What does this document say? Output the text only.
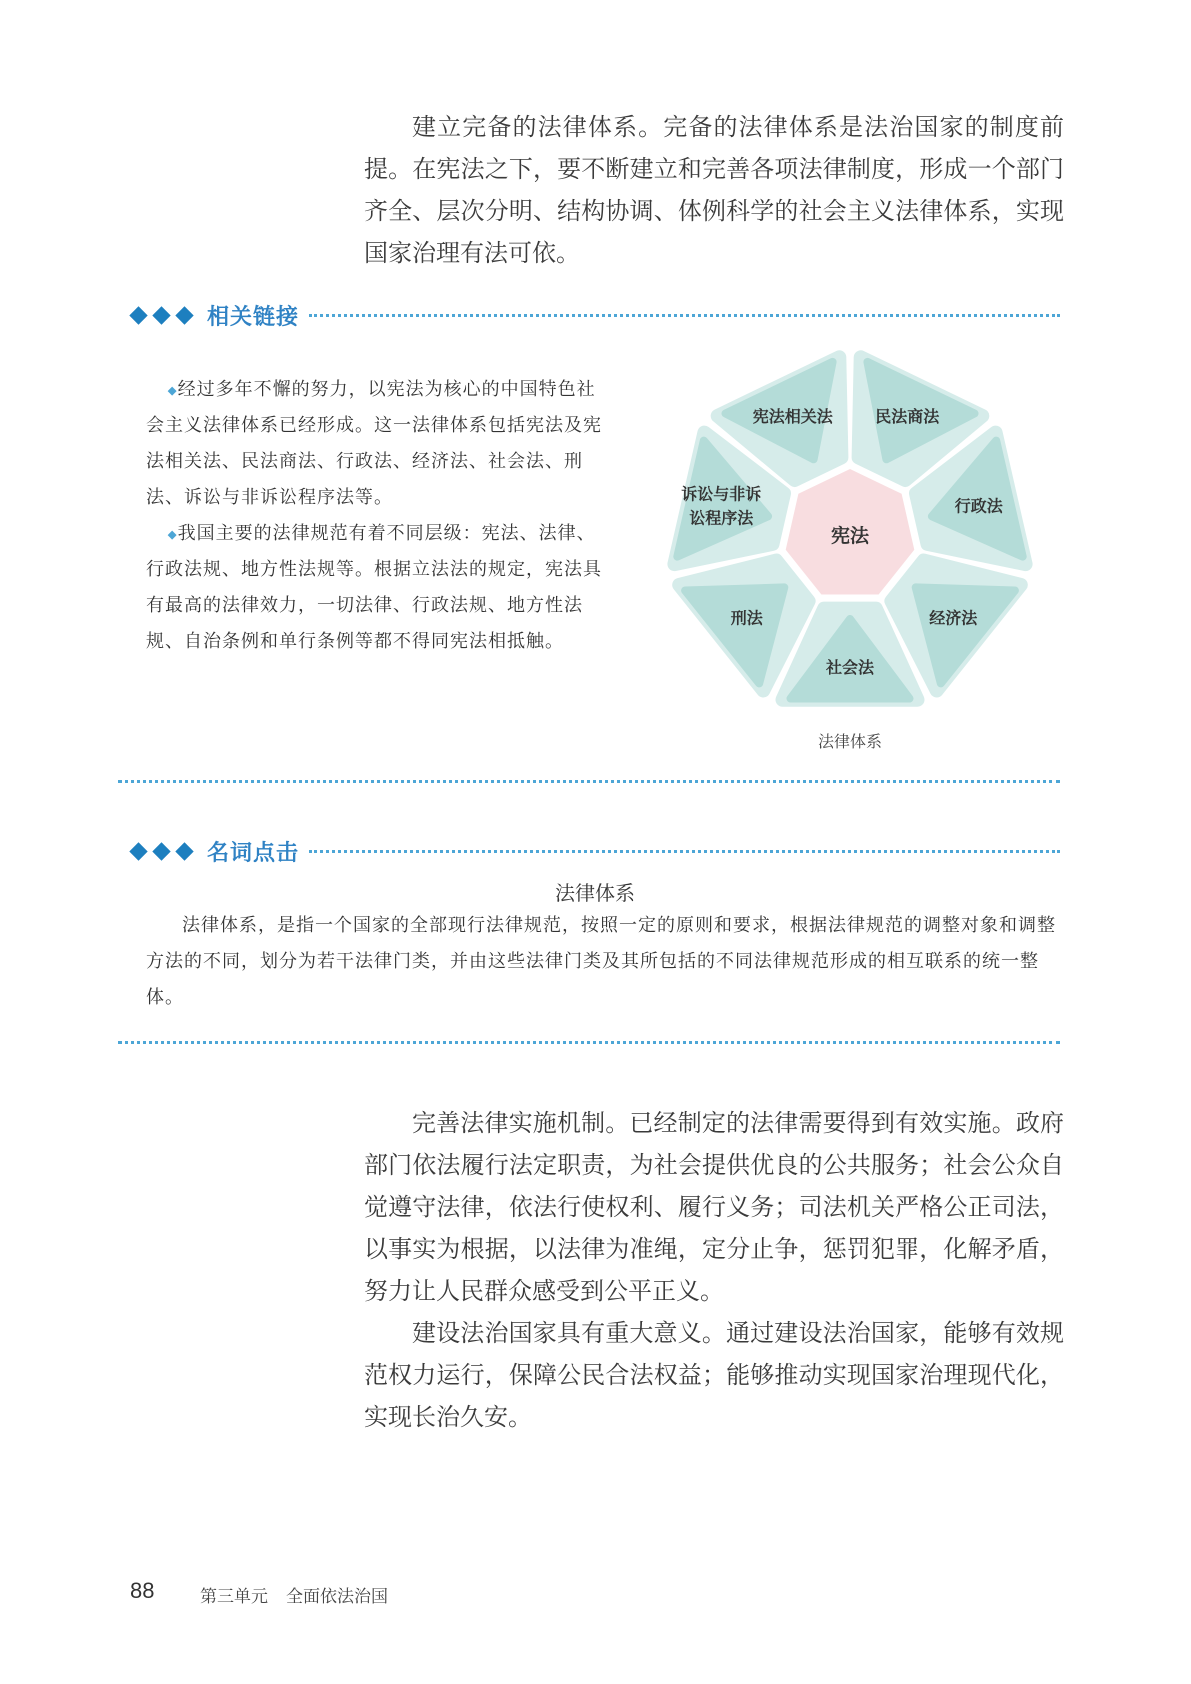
建立完备的法律体系。完备的法律体系是法治国家的制度前提。在宪法之下，要不断建立和完善各项法律制度，形成一个部门齐全、层次分明、结构协调、体例科学的社会主义法律体系，实现国家治理有法可依。

相关链接

◆经过多年不懈的努力，以宪法为核心的中国特色社会主义法律体系已经形成。这一法律体系包括宪法及宪法相关法、民法商法、行政法、经济法、社会法、刑法、诉讼与非诉讼程序法等。

◆我国主要的法律规范有着不同层级：宪法、法律、行政法规、地方性法规等。根据立法法的规定，宪法具有最高的法律效力，一切法律、行政法规、地方性法规、自治条例和单行条例等都不得同宪法相抵触。

宪法
宪法相关法	民法商法
行政法
经济法
社会法
刑法
诉讼与非诉
讼程序法
法律体系
名词点击
法律体系

法律体系，是指一个国家的全部现行法律规范，按照一定的原则和要求，根据法律规范的调整对象和调整方法的不同，划分为若干法律门类，并由这些法律门类及其所包括的不同法律规范形成的相互联系的统一整体。

完善法律实施机制。已经制定的法律需要得到有效实施。政府部门依法履行法定职责，为社会提供优良的公共服务；社会公众自觉遵守法律，依法行使权利、履行义务；司法机关严格公正司法，以事实为根据，以法律为准绳，定分止争，惩罚犯罪，化解矛盾，努力让人民群众感受到公平正义。

建设法治国家具有重大意义。通过建设法治国家，能够有效规范权力运行，保障公民合法权益；能够推动实现国家治理现代化，实现长治久安。

88	第三单元 全面依法治国
